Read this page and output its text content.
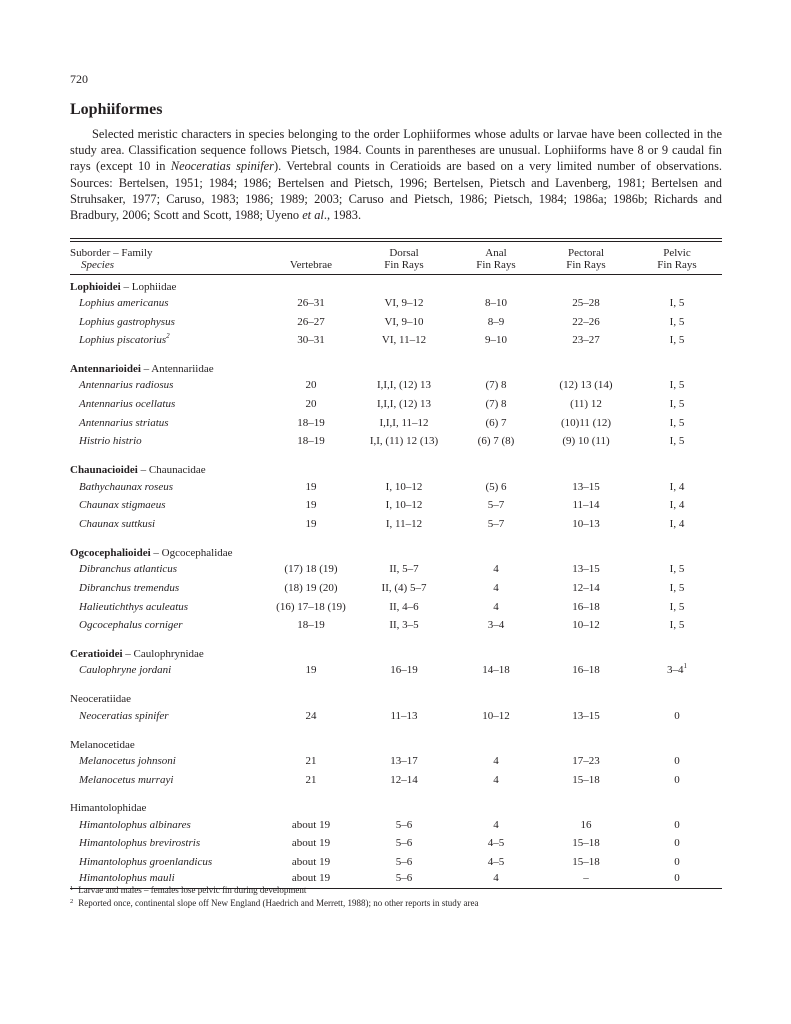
720
Lophiiformes

Selected meristic characters in species belonging to the order Lophiiformes whose adults or larvae have been collected in the study area. Classification sequence follows Pietsch, 1984. Counts in parentheses are unusual. Lophiiforms have 8 or 9 caudal fin rays (except 10 in Neoceratias spinifer). Vertebral counts in Ceratioids are based on a very limited number of observations. Sources: Bertelsen, 1951; 1984; 1986; Bertelsen and Pietsch, 1996; Bertelsen, Pietsch and Lavenberg, 1981; Bertelsen and Struhsaker, 1977; Caruso, 1983; 1986; 1989; 2003; Caruso and Pietsch, 1986; Pietsch, 1984; 1986a; 1986b; Richards and Bradbury, 2006; Scott and Scott, 1988; Uyeno et al., 1983.

Suborder – Family		Dorsal	Anal	Pectoral	Pelvic
Species	Vertebrae	Fin Rays	Fin Rays	Fin Rays	Fin Rays
Lophioidei – Lophiidae					
Lophius americanus	26–31	VI, 9–12	8–10	25–28	I, 5
Lophius gastrophysus	26–27	VI, 9–10	8–9	22–26	I, 5
Lophius piscatorius$^2$	30–31	VI, 11–12	9–10	23–27	I, 5

Antennarioidei – Antennariidae					
Antennarius radiosus	20	I,I,I, (12) 13	(7) 8	(12) 13 (14)	I, 5
Antennarius ocellatus	20	I,I,I, (12) 13	(7) 8	(11) 12	I, 5
Antennarius striatus	18–19	I,I,I, 11–12	(6) 7	(10)11 (12)	I, 5
Histrio histrio	18–19	I,I, (11) 12 (13)	(6) 7 (8)	(9) 10 (11)	I, 5

Chaunacioidei – Chaunacidae					
Bathychaunax roseus	19	I, 10–12	(5) 6	13–15	I, 4
Chaunax stigmaeus	19	I, 10–12	5–7	11–14	I, 4
Chaunax suttkusi	19	I, 11–12	5–7	10–13	I, 4

Ogcocephalioidei – Ogcocephalidae					
Dibranchus atlanticus	(17) 18 (19)	II, 5–7	4	13–15	I, 5
Dibranchus tremendus	(18) 19 (20)	II, (4) 5–7	4	12–14	I, 5
Halieutichthys aculeatus	(16) 17–18 (19)	II, 4–6	4	16–18	I, 5
Ogcocephalus corniger	18–19	II, 3–5	3–4	10–12	I, 5

Ceratioidei – Caulophrynidae					
Caulophryne jordani	19	16–19	14–18	16–18	$3-4^1$

Neoceratiidae					
Neoceratias spinifer	24	11–13	10–12	13–15	0

Melanocetidae					
Melanocetus johnsoni	21	13–17	4	17–23	0
Melanocetus murrayi	21	12–14	4	15–18	0

Himantolophidae					
Himantolophus albinares	about 19	5–6	4	16	0
Himantolophus brevirostris	about 19	5–6	4–5	15–18	0
Himantolophus groenlandicus	about 19	5–6	4–5	15–18	0
Himantolophus mauli	about 19	5–6	4	–	0
$^1$ Larvae and males – females lose pelvic fin during development
$^2$ Reported once, continental slope off New England (Haedrich and Merrett, 1988); no other reports in study area
